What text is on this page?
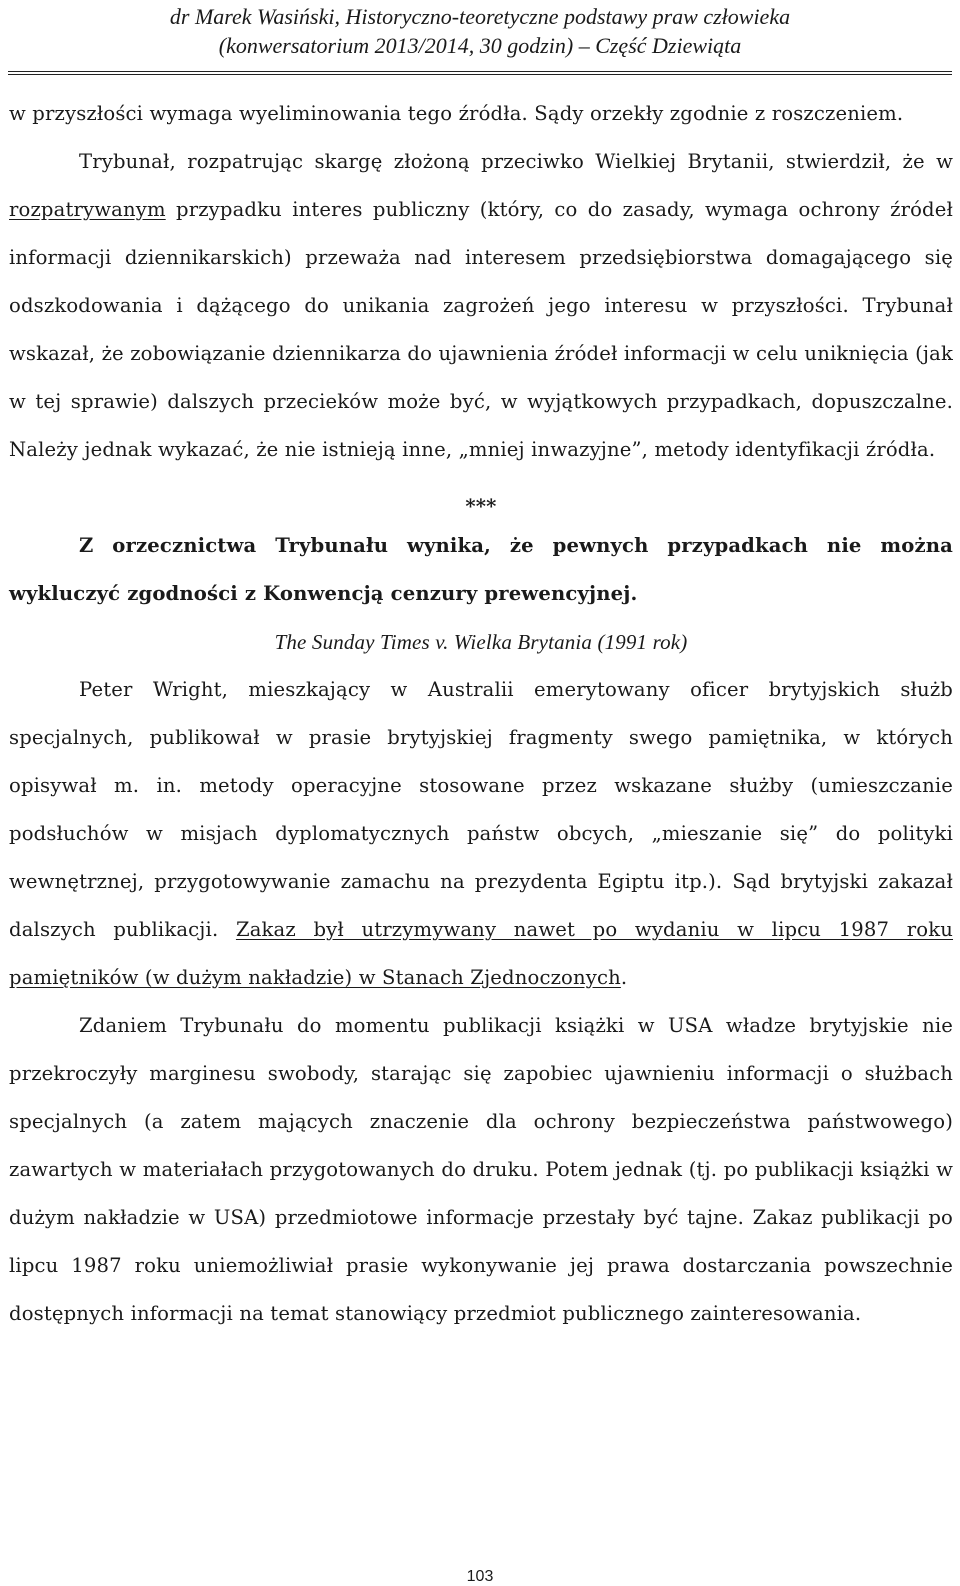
dr Marek Wasiński, Historyczno-teoretyczne podstawy praw człowieka
(konwersatorium 2013/2014, 30 godzin) – Część Dziewiąta

w przyszłości wymaga wyeliminowania tego źródła. Sądy orzekły zgodnie z roszczeniem.

Trybunał, rozpatrując skargę złożoną przeciwko Wielkiej Brytanii, stwierdził, że w rozpatrywanym przypadku interes publiczny (który, co do zasady, wymaga ochrony źródeł informacji dziennikarskich) przeważa nad interesem przedsiębiorstwa domagającego się odszkodowania i dążącego do unikania zagrożeń jego interesu w przyszłości. Trybunał wskazał, że zobowiązanie dziennikarza do ujawnienia źródeł informacji w celu uniknięcia (jak w tej sprawie) dalszych przecieków może być, w wyjątkowych przypadkach, dopuszczalne. Należy jednak wykazać, że nie istnieją inne, „mniej inwazyjne”, metody identyfikacji źródła.

***

Z orzecznictwa Trybunału wynika, że pewnych przypadkach nie można wykluczyć zgodności z Konwencją cenzury prewencyjnej.

The Sunday Times v. Wielka Brytania (1991 rok)

Peter Wright, mieszkający w Australii emerytowany oficer brytyjskich służb specjalnych, publikował w prasie brytyjskiej fragmenty swego pamiętnika, w których opisywał m. in. metody operacyjne stosowane przez wskazane służby (umieszczanie podsłuchów w misjach dyplomatycznych państw obcych, „mieszanie się” do polityki wewnętrznej, przygotowywanie zamachu na prezydenta Egiptu itp.). Sąd brytyjski zakazał dalszych publikacji. Zakaz był utrzymywany nawet po wydaniu w lipcu 1987 roku pamiętników (w dużym nakładzie) w Stanach Zjednoczonych.

Zdaniem Trybunału do momentu publikacji książki w USA władze brytyjskie nie przekroczyły marginesu swobody, starając się zapobiec ujawnieniu informacji o służbach specjalnych (a zatem mających znaczenie dla ochrony bezpieczeństwa państwowego) zawartych w materiałach przygotowanych do druku. Potem jednak (tj. po publikacji książki w dużym nakładzie w USA) przedmiotowe informacje przestały być tajne. Zakaz publikacji po lipcu 1987 roku uniemożliwiał prasie wykonywanie jej prawa dostarczania powszechnie dostępnych informacji na temat stanowiący przedmiot publicznego zainteresowania.

103
